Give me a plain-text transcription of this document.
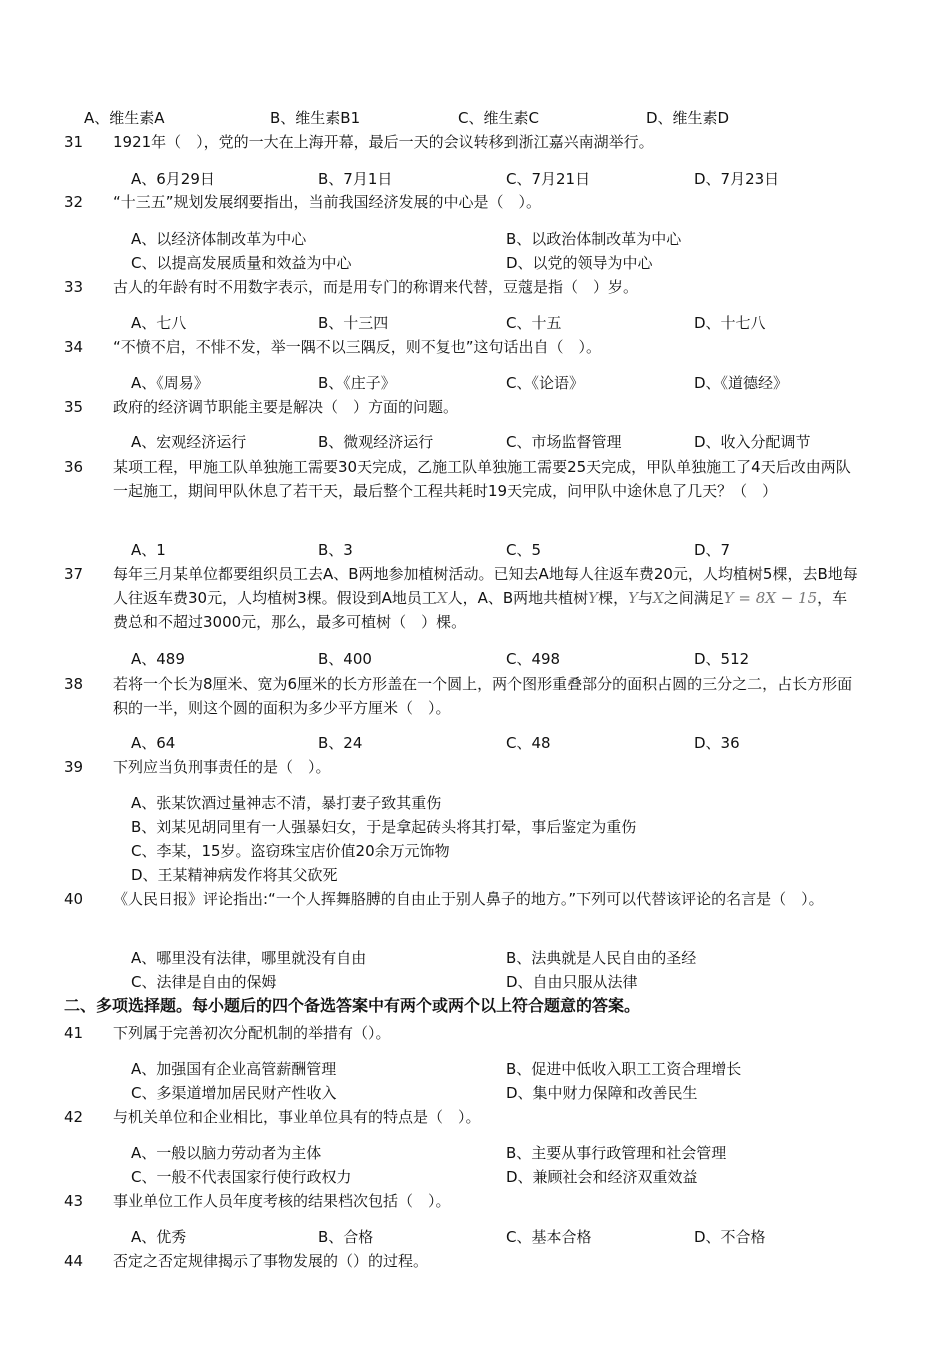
A、维生素A	B、维生素B1	C、维生素C	D、维生素D
31 1921年（　），党的一大在上海开幕，最后一天的会议转移到浙江嘉兴南湖举行。
A、6月29日	B、7月1日	C、7月21日	D、7月23日
32 “十三五”规划发展纲要指出，当前我国经济发展的中心是（　）。
A、以经济体制改革为中心	B、以政治体制改革为中心
C、以提高发展质量和效益为中心	D、以党的领导为中心
33 古人的年龄有时不用数字表示，而是用专门的称谓来代替，豆蔻是指（　）岁。
A、七八	B、十三四	C、十五	D、十七八
34 “不愤不启，不悱不发，举一隅不以三隅反，则不复也”这句话出自（　）。
A、《周易》	B、《庄子》	C、《论语》	D、《道德经》
35 政府的经济调节职能主要是解决（　）方面的问题。
A、宏观经济运行	B、微观经济运行	C、市场监督管理	D、收入分配调节
36 某项工程，甲施工队单独施工需要30天完成，乙施工队单独施工需要25天完成，甲队单独施工了4天后改由两队一起施工，期间甲队休息了若干天，最后整个工程共耗时19天完成，问甲队中途休息了几天？（　）
A、1	B、3	C、5	D、7
37 每年三月某单位都要组织员工去A、B两地参加植树活动。已知去A地每人往返车费20元，人均植树5棵，去B地每人往返车费30元，人均植树3棵。假设到A地员工X人，A、B两地共植树Y棵，Y与X之间满足Y = 8X − 15，车费总和不超过3000元，那么，最多可植树（　）棵。
A、489	B、400	C、498	D、512
38 若将一个长为8厘米、宽为6厘米的长方形盖在一个圆上，两个图形重叠部分的面积占圆的三分之二，占长方形面积的一半，则这个圆的面积为多少平方厘米（　）。
A、64	B、24	C、48	D、36
39 下列应当负刑事责任的是（　）。
A、张某饮酒过量神志不清，暴打妻子致其重伤
B、刘某见胡同里有一人强暴妇女，于是拿起砖头将其打晕，事后鉴定为重伤
C、李某，15岁。盗窃珠宝店价值20余万元饰物
D、王某精神病发作将其父砍死
40 《人民日报》评论指出:“一个人挥舞胳膊的自由止于别人鼻子的地方。”下列可以代替该评论的名言是（　）。
A、哪里没有法律，哪里就没有自由	B、法典就是人民自由的圣经
C、法律是自由的保姆	D、自由只服从法律
二、多项选择题。每小题后的四个备选答案中有两个或两个以上符合题意的答案。
41 下列属于完善初次分配机制的举措有（）。
A、加强国有企业高管薪酬管理	B、促进中低收入职工工资合理增长
C、多渠道增加居民财产性收入	D、集中财力保障和改善民生
42 与机关单位和企业相比，事业单位具有的特点是（　）。
A、一般以脑力劳动者为主体	B、主要从事行政管理和社会管理
C、一般不代表国家行使行政权力	D、兼顾社会和经济双重效益
43 事业单位工作人员年度考核的结果档次包括（　）。
A、优秀	B、合格	C、基本合格	D、不合格
44 否定之否定规律揭示了事物发展的（）的过程。
